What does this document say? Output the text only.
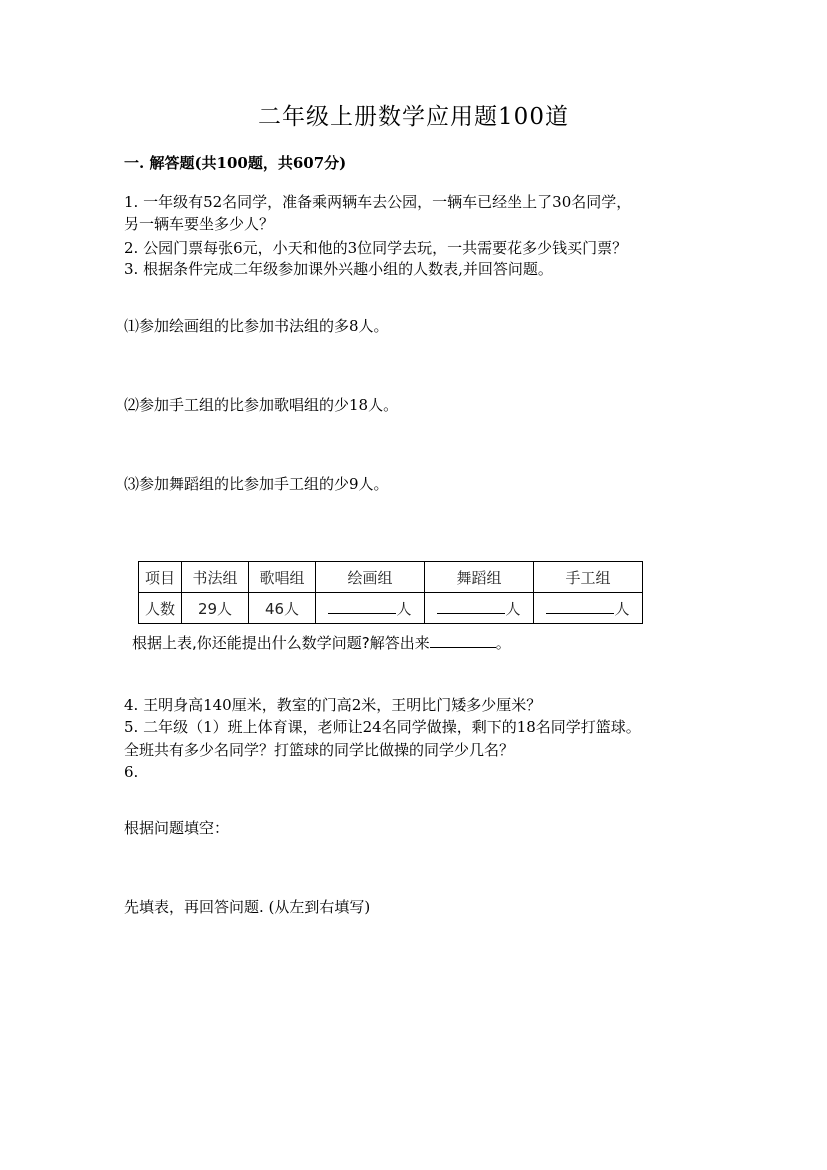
二年级上册数学应用题100道
一. 解答题(共100题，共607分)
1. 一年级有52名同学，准备乘两辆车去公园，一辆车已经坐上了30名同学，
另一辆车要坐多少人？
2. 公园门票每张6元，小天和他的3位同学去玩，一共需要花多少钱买门票？
3. 根据条件完成二年级参加课外兴趣小组的人数表,并回答问题。
⑴参加绘画组的比参加书法组的多8人。
⑵参加手工组的比参加歌唱组的少18人。
⑶参加舞蹈组的比参加手工组的少9人。
项目	书法组	歌唱组	绘画组	舞蹈组	手工组
人数	29人	46人	人	人	人
根据上表,你还能提出什么数学问题?解答出来	。
4. 王明身高140厘米，教室的门高2米，王明比门矮多少厘米？
5. 二年级（1）班上体育课，老师让24名同学做操，剩下的18名同学打篮球。
全班共有多少名同学？打篮球的同学比做操的同学少几名？
6.
根据问题填空：
先填表，再回答问题. (从左到右填写)
